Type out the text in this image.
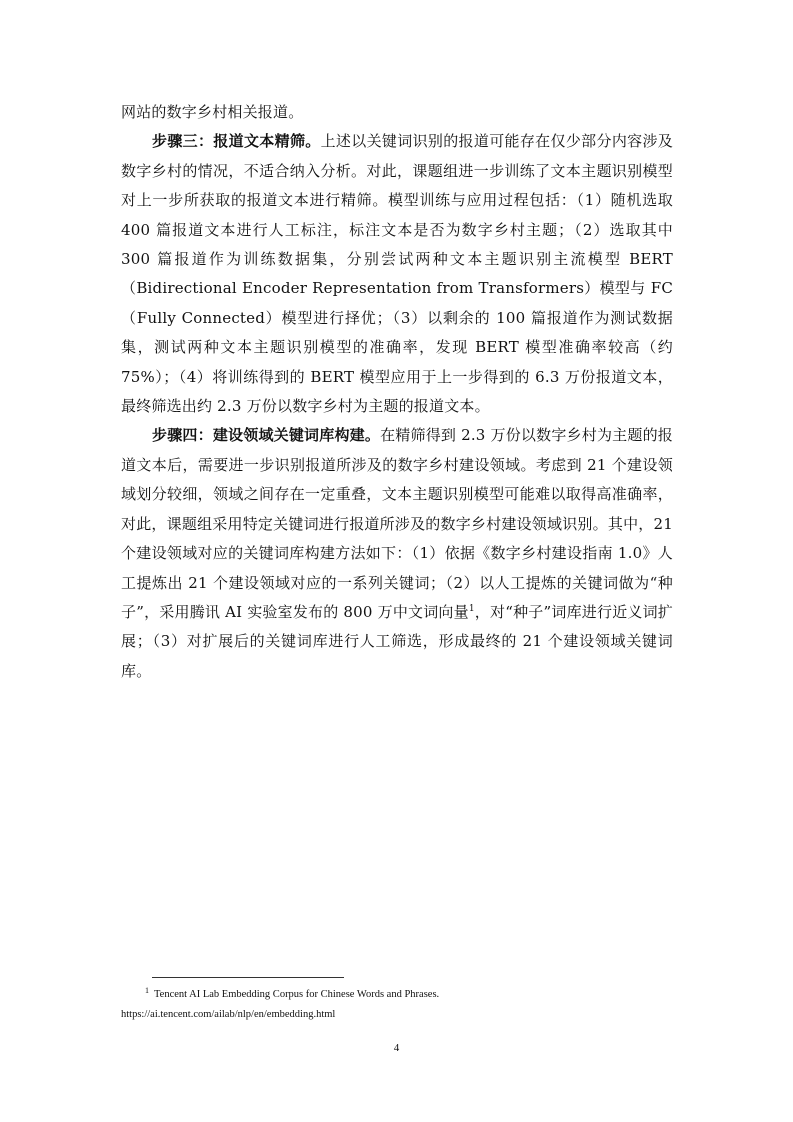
网站的数字乡村相关报道。

步骤三：报道文本精筛。上述以关键词识别的报道可能存在仅少部分内容涉及数字乡村的情况，不适合纳入分析。对此，课题组进一步训练了文本主题识别模型对上一步所获取的报道文本进行精筛。模型训练与应用过程包括：（1）随机选取 400 篇报道文本进行人工标注，标注文本是否为数字乡村主题；（2）选取其中 300 篇报道作为训练数据集，分别尝试两种文本主题识别主流模型 BERT（Bidirectional Encoder Representation from Transformers）模型与 FC（Fully Connected）模型进行择优；（3）以剩余的 100 篇报道作为测试数据集，测试两种文本主题识别模型的准确率，发现 BERT 模型准确率较高（约 75%）；（4）将训练得到的 BERT 模型应用于上一步得到的 6.3 万份报道文本，最终筛选出约 2.3 万份以数字乡村为主题的报道文本。

步骤四：建设领域关键词库构建。在精筛得到 2.3 万份以数字乡村为主题的报道文本后，需要进一步识别报道所涉及的数字乡村建设领域。考虑到 21 个建设领域划分较细，领域之间存在一定重叠，文本主题识别模型可能难以取得高准确率，对此，课题组采用特定关键词进行报道所涉及的数字乡村建设领域识别。其中，21 个建设领域对应的关键词库构建方法如下：（1）依据《数字乡村建设指南 1.0》人工提炼出 21 个建设领域对应的一系列关键词；（2）以人工提炼的关键词做为“种子”，采用腾讯 AI 实验室发布的 800 万中文词向量$^1$，对“种子”词库进行近义词扩展；（3）对扩展后的关键词库进行人工筛选，形成最终的 21 个建设领域关键词库。

$^1$ Tencent AI Lab Embedding Corpus for Chinese Words and Phrases.
https://ai.tencent.com/ailab/nlp/en/embedding.html
4
